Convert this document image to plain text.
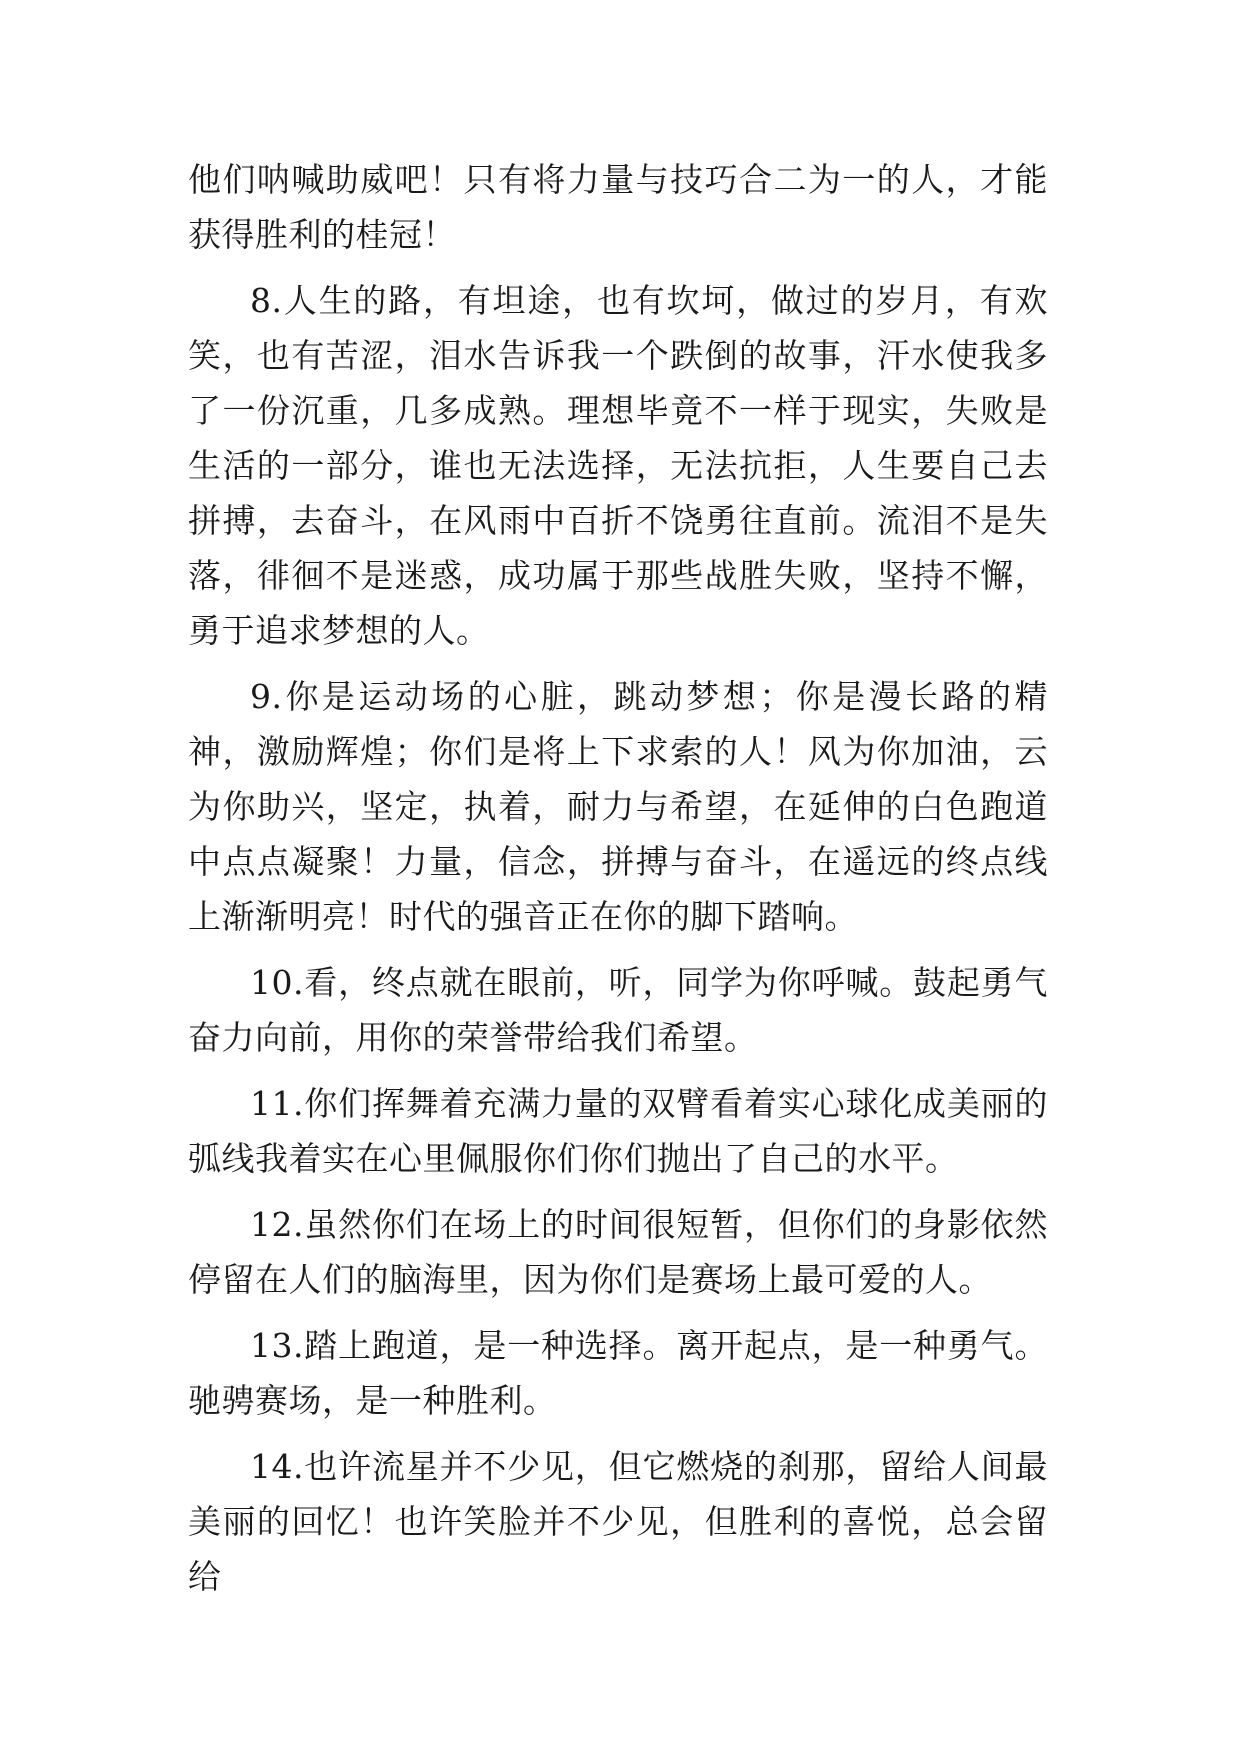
他们呐喊助威吧！只有将力量与技巧合二为一的人，才能获得胜利的桂冠！

8.人生的路，有坦途，也有坎坷，做过的岁月，有欢笑，也有苦涩，泪水告诉我一个跌倒的故事，汗水使我多了一份沉重，几多成熟。理想毕竟不一样于现实，失败是生活的一部分，谁也无法选择，无法抗拒，人生要自己去拼搏，去奋斗，在风雨中百折不饶勇往直前。流泪不是失落，徘徊不是迷惑，成功属于那些战胜失败，坚持不懈，勇于追求梦想的人。

9.你是运动场的心脏，跳动梦想；你是漫长路的精神，激励辉煌；你们是将上下求索的人！风为你加油，云为你助兴，坚定，执着，耐力与希望，在延伸的白色跑道中点点凝聚！力量，信念，拼搏与奋斗，在遥远的终点线上渐渐明亮！时代的强音正在你的脚下踏响。

10.看，终点就在眼前，听，同学为你呼喊。鼓起勇气奋力向前，用你的荣誉带给我们希望。

11.你们挥舞着充满力量的双臂看着实心球化成美丽的弧线我着实在心里佩服你们你们抛出了自己的水平。

12.虽然你们在场上的时间很短暂，但你们的身影依然停留在人们的脑海里，因为你们是赛场上最可爱的人。

13.踏上跑道，是一种选择。离开起点，是一种勇气。驰骋赛场，是一种胜利。

14.也许流星并不少见，但它燃烧的刹那，留给人间最美丽的回忆！也许笑脸并不少见，但胜利的喜悦，总会留给
